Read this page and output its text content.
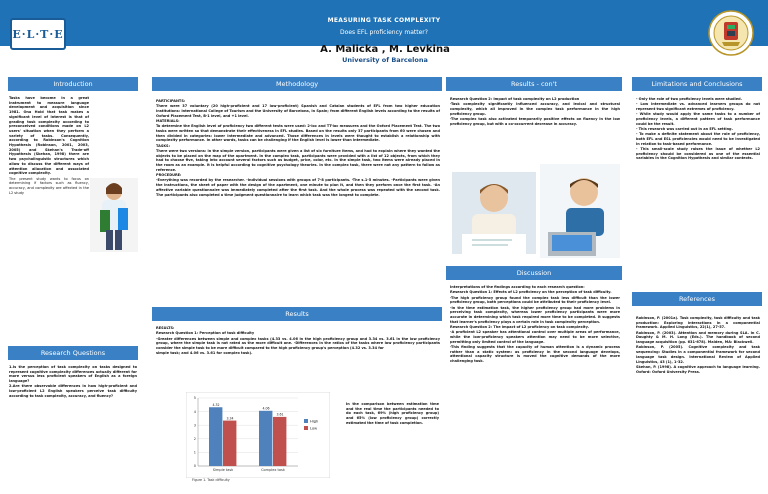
E·L·T·E
MEASURING TASK COMPLEXITY
Does EFL proficiency matter?
A. Malicka , M. Levkina
University of Barcelona
Introduction
Research Questions
Methodology
Results
Results - con't
Discussion
Limitations and Conclusions
References

Tasks have become in a great instrument to measure language development and acquisition since 1981. Ona Hold that task makes a significant level of interest is that of grading task complexity according to preconceived conditions made on L2 users' situation when they perform a variety of tasks. Consequently, according to Robinson's Cognition Hypothesis (Robinson, 2001, 2003, 2005) and Skehan's Trade-off Hypothesis (Skehan, 1998) there are two psycholinguistic structures which allow to discuss the different ways of attention allocation and associated cognitive complexity.

The present study wants to focus on determining if factors such as fluency, accuracy, and complexity are affected in the L2 study

1.Is the perception of task complexity on tasks designed to represent cognitive complexity differences actually different for more versus less proficient speakers of English as a foreign language?

2.Are there observable differences in how high-proficient and low-proficient L2 English speakers perceive task difficulty according to task complexity, accuracy, and fluency?

PARTICIPANTS:

There were 37 voluntary (20 high-proficient and 17 low-proficient) Spanish and Catalan students of EFL from two higher education institutions: International College of Tourism and the University of Barcelona, in Spain; from different English levels according to the results of Oxford Placement Test, B-1 level, and +1 level.

MATERIALS:

To determine the English level of proficiency two different tests were used: 2-loc and TT-loc measures and the Oxford Placement Test. The two tasks were written so that demonstrate their effectiveness in EFL studies. Based on the results only 37 participants from 60 were chosen and then divided in categories: lower intermediate and advanced. Those differences in levels were thought to establish a relationship with complexity performance. In other words, tasks can be challenging if the English level is lower than intermediate.

TASKS:

There were two versions: in the simple version, participants were given a list of six furniture items, and had to explain where they wanted the objects to be placed on the map of the apartment. In the complex task, participants were provided with a list of 12 objects, from which they had to choose five, taking into account several factors such as budget, price, color, etc. In the simple task, two items were already placed in the room as an example. It is helpful according to cognitive psychology theories. In the complex task, there were not any pattern to follow as reference.

PROCEDURE:

-Everything was recorded by the researcher. -Individual sessions with groups of 7-8 participants. -The s.1-5 minutes. -Participants were given the instructions, the sheet of paper with the design of the apartment, one minute to plan it, and then they perform once the first task. -An affective variable questionnaire was immediately completed after the first task. And the whole process was repeated with the second task. The participants also completed a time judgment questionnaire to learn which task was the longest to complete.

RESULTS:

Research Question 1: Perception of task difficulty

-Greater differences between simple and complex tasks (4.33 vs. 4.06 in the high proficiency group and 3.34 vs. 3.61 in the low proficiency group, where the simple task is not rated as the more difficult one. -Differences in the ratios of the tasks where low proficiency participants consider the simple task to be more difficult compared to the high proficiency group's perception (4.32 vs. 3.34 for

simple task; and 4.06 vs. 3.61 for complex task).

5
4
3
2
1
0
4.32
3.34
Simple task
4.06
3.61
Complex task
High
Low
Figure 1. Task difficulty

In the comparison between estimation time and the real time the participants needed to do each task, 69% (high proficiency group) and 65% (low proficiency group) correctly estimated the time of task completion.

Research Question 2: Impact of task complexity on L2 production

-Task complexity significantly influenced accuracy, and lexical and structural complexity, which all improved in the complex task performance in the high proficiency group.

-The complex task also activated temporarily positive effects on fluency in the low proficiency group, but with a co-occurrent decrease in accuracy.

Interpretations of the findings according to each research question:

Research Question 1: Effects of L2 proficiency on the perception of task difficulty.

-The high proficiency group found the complex task less difficult than the lower proficiency group, both perceptions could be attributed to their proficiency level.

-In the time estimation task, the higher proficiency group had more problems in perceiving task complexity, whereas lower proficiency participants were more accurate in determining which task required more time to be completed. It suggests that learner's proficiency plays a certain role in task complexity perception.

Research Question 2: The impact of L2 proficiency on task complexity.

-A proficient L2 speaker has attentional control over multiple areas of performance, while the low-proficiency speakers attention may need to be more selective, permitting only limited control of the language.

-This finding suggests that the capacity of human attention is a dynamic process rather than a static system: as proficiency in the second language develops, attentional capacity structure is moved the cognitive demands of the more challenging task.

- Only the role of two proficiency levels were studied.

- Low intermediate vs. advanced learners groups do not represent two significant extremes of proficiency.

- While study would apply the same tasks to a number of proficiency levels, a different pattern of task performance could be the result.

- This research was carried out in an EFL setting.

- To make a definite statement about the role of proficiency, both EFL and ESL proficiencies would need to be investigated in relation to task-based performance.

- This small-scale study raises the issue of whether L2 proficiency should be considered as one of the essential variables in the Cognition Hypothesis and similar contexts.

Robinson, P. (2001a). Task complexity, task difficulty and task production: Exploring interactions in a componential framework. Applied Linguistics, 22(1), 27-57.

Robinson, P. (2003). Attention and memory during SLA. In C. Doughty & M. H. Long (Eds.). The handbook of second language acquisition (pp. 631-678). Malden, MA: Blackwell.

Robinson, P. (2005). Cognitive complexity and task sequencing: Studies in a componential framework for second language task design. International Review of Applied Linguistics, 43 (1), 1-32.

Skehan, P. (1998). A cognitive approach to language learning. Oxford: Oxford University Press.
